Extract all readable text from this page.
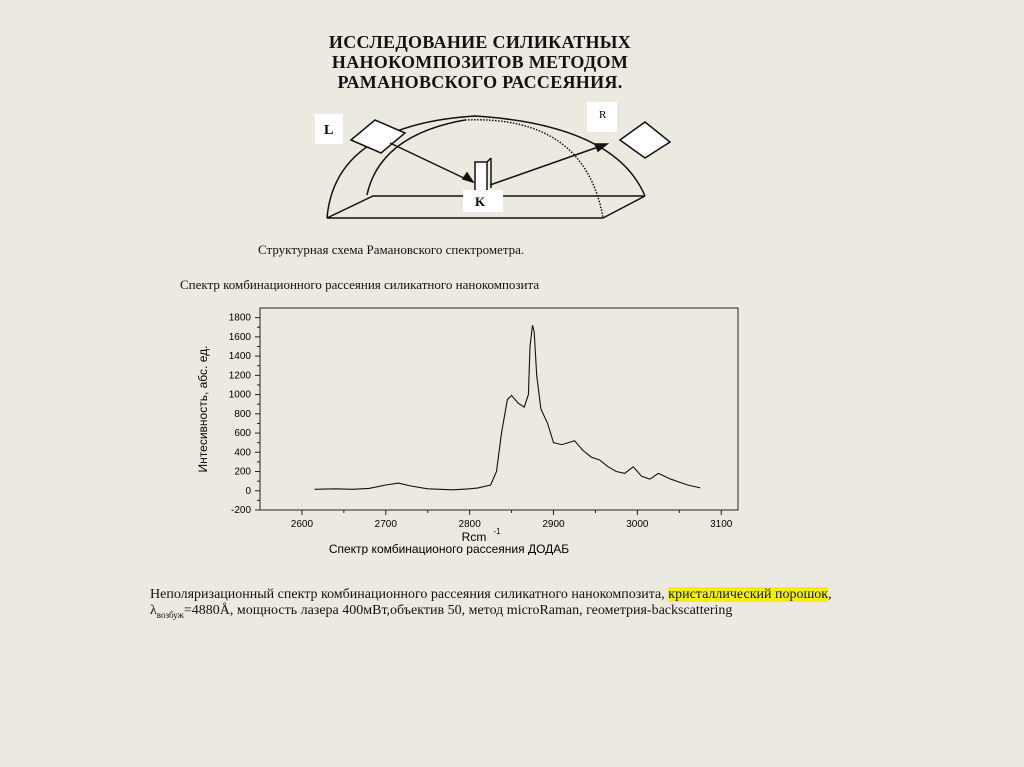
ИССЛЕДОВАНИЕ СИЛИКАТНЫХ
НАНОКОМПОЗИТОВ МЕТОДОМ
РАМАНОВСКОГО РАССЕЯНИЯ.
L
R
K
Структурная схема Рамановского спектрометра.
Спектр комбинационного рассеяния силикатного нанокомпозита
2600	2700	2800	2900	3000	3100
1800
1600
1400
1200
1000
800
600
400
200
0
-200
Rcm -1
Интесивность, абс. ед.
Спектр комбинационого рассеяния ДОДАБ
Неполяризационный спектр комбинационного рассеяния силикатного нанокомпозита, кристаллический порошок, $\lambda_{возбуж}=4880Å$, мощность лазера 400мВт,объектив 50, метод microRaman, геометрия-backscattering
